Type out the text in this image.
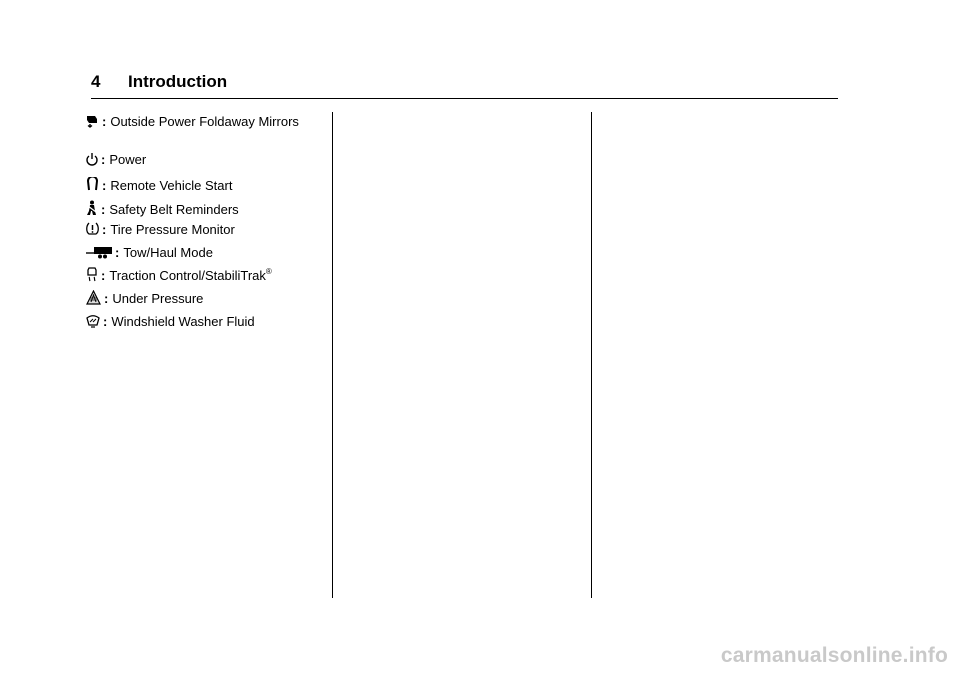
4 Introduction
: Outside Power Foldaway Mirrors
: Power
: Remote Vehicle Start
: Safety Belt Reminders
: Tire Pressure Monitor
: Tow/Haul Mode
: Traction Control/StabiliTrak®
: Under Pressure
: Windshield Washer Fluid
carmanualsonline.info
